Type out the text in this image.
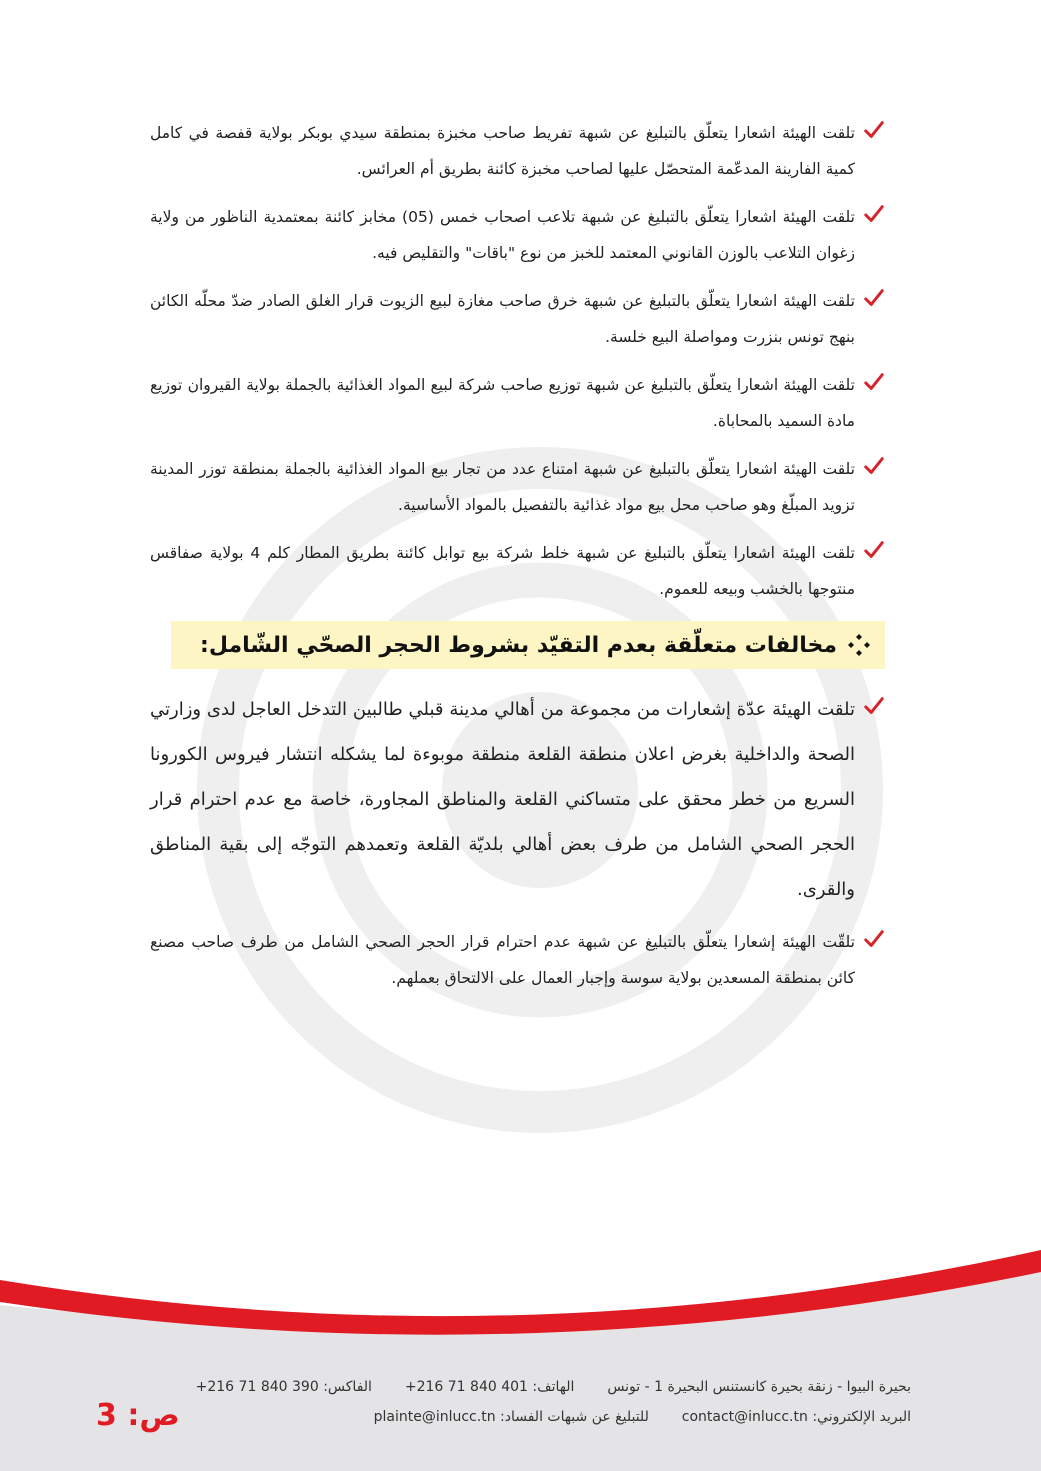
تلقت الهيئة اشعارا يتعلّق بالتبليغ عن شبهة تفريط صاحب مخبزة بمنطقة سيدي بوبكر بولاية قفصة في كامل كمية الفارينة المدعّمة المتحصّل عليها لصاحب مخبزة كائنة بطريق أم العرائس.
تلقت الهيئة اشعارا يتعلّق بالتبليغ عن شبهة تلاعب اصحاب خمس (05) مخابز كائنة بمعتمدية الناظور من ولاية زغوان التلاعب بالوزن القانوني المعتمد للخبز من نوع "باقات" والتقليص فيه.
تلقت الهيئة اشعارا يتعلّق بالتبليغ عن شبهة خرق صاحب مغازة لبيع الزيوت قرار الغلق الصادر ضدّ محلّه الكائن بنهج تونس بنزرت ومواصلة البيع خلسة.
تلقت الهيئة اشعارا يتعلّق بالتبليغ عن شبهة توزيع صاحب شركة لبيع المواد الغذائية بالجملة بولاية القيروان توزيع مادة السميد بالمحاباة.
تلقت الهيئة اشعارا يتعلّق بالتبليغ عن شبهة امتناع عدد من تجار بيع المواد الغذائية بالجملة بمنطقة توزر المدينة تزويد المبلّغ وهو صاحب محل بيع مواد غذائية بالتفصيل بالمواد الأساسية.
تلقت الهيئة اشعارا يتعلّق بالتبليغ عن شبهة خلط شركة بيع توابل كائنة بطريق المطار كلم 4 بولاية صفاقس منتوجها بالخشب وبيعه للعموم.
مخالفات متعلّقة بعدم التقيّد بشروط الحجر الصحّي الشّامل:
تلقت الهيئة عدّة إشعارات من مجموعة من أهالي مدينة قبلي طالبين التدخل العاجل لدى وزارتي الصحة والداخلية بغرض اعلان منطقة القلعة منطقة موبوءة لما يشكله انتشار فيروس الكورونا السريع من خطر محقق على متساكني القلعة والمناطق المجاورة، خاصة مع عدم احترام قرار الحجر الصحي الشامل من طرف بعض أهالي بلديّة القلعة وتعمدهم التوجّه إلى بقية المناطق والقرى.
تلقّت الهيئة إشعارا يتعلّق بالتبليغ عن شبهة عدم احترام قرار الحجر الصحي الشامل من طرف صاحب مصنع كائن بمنطقة المسعدين بولاية سوسة وإجبار العمال على الالتحاق بعملهم.
بحيرة البيوا - زنقة بحيرة كانستنس البحيرة 1 - تونس  الهاتف: 401 840 71 216+  الفاكس: 390 840 71 216+
البريد الإلكتروني: contact@inlucc.tn  للتبليغ عن شبهات الفساد: plainte@inlucc.tn
ص: 3
